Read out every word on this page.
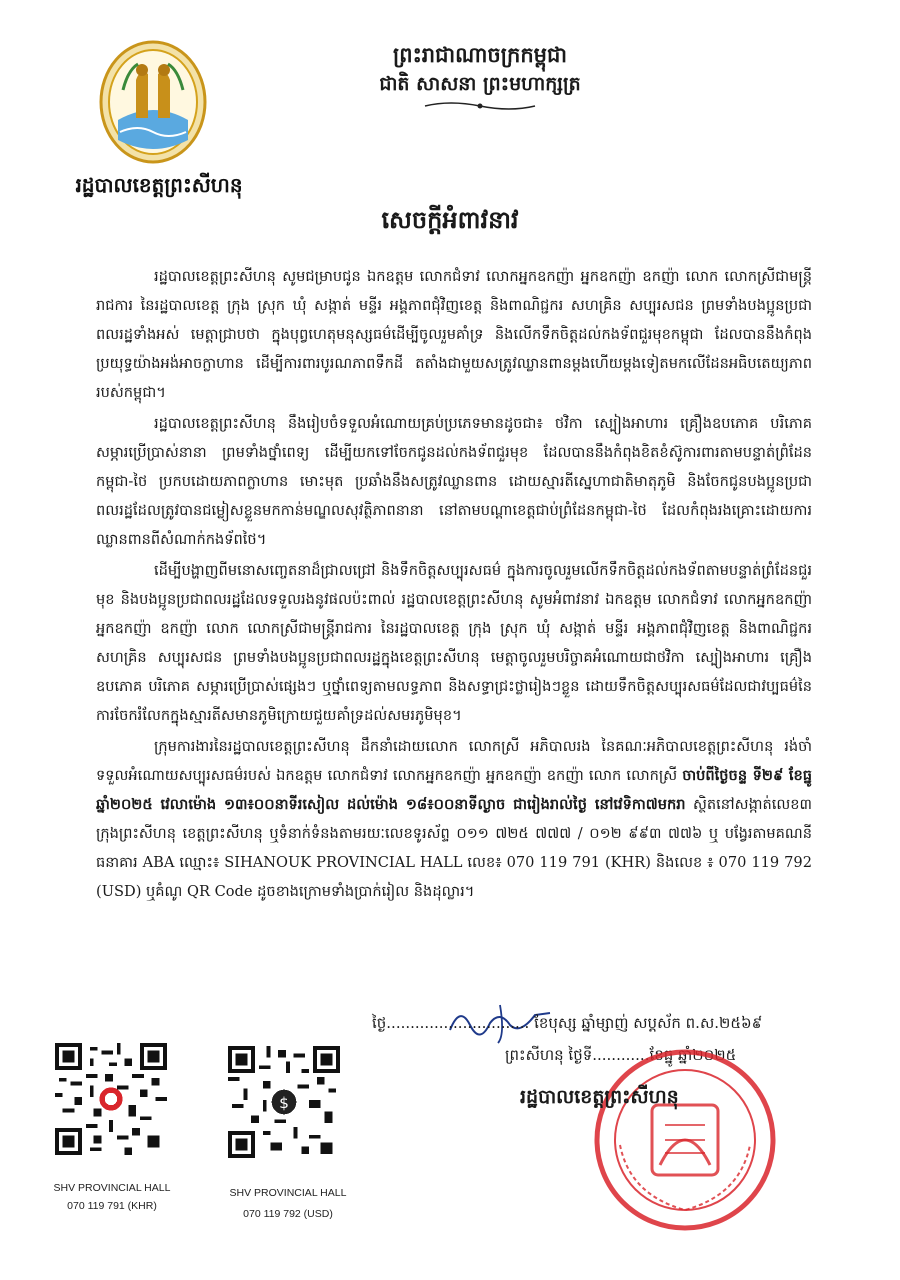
រដ្ឋបាលខេត្តព្រះសីហនុ
ព្រះរាជាណាចក្រកម្ពុជា
ជាតិ សាសនា ព្រះមហាក្សត្រ
សេចក្តីអំពាវនាវ

រដ្ឋបាលខេត្តព្រះសីហនុ សូមជម្រាបជូន ឯកឧត្តម លោកជំទាវ លោកអ្នកឧកញ៉ា អ្នកឧកញ៉ា ឧកញ៉ា លោក លោកស្រីជាមន្ត្រីរាជការ នៃរដ្ឋបាលខេត្ត ក្រុង ស្រុក ឃុំ សង្កាត់ មន្ទីរ អង្គភាពជុំវិញខេត្ត និងពាណិជ្ជករ សហគ្រិន សប្បុរសជន ព្រមទាំងបងប្អូនប្រជាពលរដ្ឋទាំងអស់ មេត្តាជ្រាបថា ក្នុងបុព្វហេតុមនុស្សធម៌ដើម្បីចូលរួមគាំទ្រ និងលើកទឹកចិត្តដល់កងទ័ពជួរមុខកម្ពុជា ដែលបាននឹងកំពុងប្រយុទ្ធយ៉ាងអង់អាចក្លាហាន ដើម្បីការពារបូរណភាពទឹកដី តតាំងជាមួយសត្រូវឈ្លានពានម្តងហើយម្តងទៀតមកលើដែនអធិបតេយ្យភាពរបស់កម្ពុជា។

រដ្ឋបាលខេត្តព្រះសីហនុ នឹងរៀបចំទទួលអំណោយគ្រប់ប្រភេទមានដូចជា៖ ថវិកា ស្បៀងអាហារ គ្រឿងឧបភោគ បរិភោគ សម្ភារប្រើប្រាស់នានា ព្រមទាំងថ្នាំពេទ្យ ដើម្បីយកទៅចែកជូនដល់កងទ័ពជួរមុខ ដែលបាននឹងកំពុងខិតខំស៊ូការពារតាមបន្ទាត់ព្រំដែនកម្ពុជា-ថៃ ប្រកបដោយភាពក្លាហាន មោះមុត ប្រឆាំងនឹងសត្រូវឈ្លានពាន ដោយស្មារតីស្នេហាជាតិមាតុភូមិ និងចែកជូនបងប្អូនប្រជាពលរដ្ឋដែលត្រូវបានជម្លៀសខ្លួនមកកាន់មណ្ឌលសុវត្ថិភាពនានា នៅតាមបណ្តាខេត្តជាប់ព្រំដែនកម្ពុជា-ថៃ ដែលកំពុងរងគ្រោះដោយការឈ្លានពានពីសំណាក់កងទ័ពថៃ។

ដើម្បីបង្ហាញពីមនោសញ្ចេតនាដ៏ជ្រាលជ្រៅ និងទឹកចិត្តសប្បុរសធម៌ ក្នុងការចូលរួមលើកទឹកចិត្តដល់កងទ័ពតាមបន្ទាត់ព្រំដែនជួរមុខ និងបងប្អូនប្រជាពលរដ្ឋដែលទទួលរងនូវផលប៉ះពាល់ រដ្ឋបាលខេត្តព្រះសីហនុ សូមអំពាវនាវ ឯកឧត្តម លោកជំទាវ លោកអ្នកឧកញ៉ា អ្នកឧកញ៉ា ឧកញ៉ា លោក លោកស្រីជាមន្ត្រីរាជការ នៃរដ្ឋបាលខេត្ត ក្រុង ស្រុក ឃុំ សង្កាត់ មន្ទីរ អង្គភាពជុំវិញខេត្ត និងពាណិជ្ជករ សហគ្រិន សប្បុរសជន ព្រមទាំងបងប្អូនប្រជាពលរដ្ឋក្នុងខេត្តព្រះសីហនុ មេត្តាចូលរួមបរិច្ចាគអំណោយជាថវិកា ស្បៀងអាហារ គ្រឿងឧបភោគ បរិភោគ សម្ភារប្រើប្រាស់ផ្សេងៗ ឬថ្នាំពេទ្យតាមលទ្ធភាព និងសទ្ធាជ្រះថ្លារៀងៗខ្លួន ដោយទឹកចិត្តសប្បុរសធម៌ដែលជាវប្បធម៌នៃការចែករំលែកក្នុងស្មារតីសមានភូមិក្រោយជួយគាំទ្រដល់សមរភូមិមុខ។

ក្រុមការងារនៃរដ្ឋបាលខេត្តព្រះសីហនុ ដឹកនាំដោយលោក លោកស្រី អភិបាលរង នៃគណៈអភិបាលខេត្តព្រះសីហនុ រង់ចាំទទួលអំណោយសប្បុរសធម៌របស់ ឯកឧត្តម លោកជំទាវ លោកអ្នកឧកញ៉ា អ្នកឧកញ៉ា ឧកញ៉ា លោក លោកស្រី ចាប់ពីថ្ងៃចន្ទ ទី២៩ ខែធ្នូ ឆ្នាំ២០២៥ វេលាម៉ោង ១៣៖០០នាទីរសៀល ដល់ម៉ោង ១៨៖០០នាទីល្ងាច ជារៀងរាល់ថ្ងៃ នៅវេទិកា៧មករា ស្ថិតនៅសង្កាត់លេខ៣ ក្រុងព្រះសីហនុ ខេត្តព្រះសីហនុ ឬទំនាក់ទំនងតាមរយៈលេខទូរស័ព្ទ ០១១ ៧២៥ ៧៧៧ / ០១២ ៩៩៣ ៧៧៦ ឬ បង្វែរតាមគណនីធនាគារ ABA ឈ្មោះ៖ SIHANOUK PROVINCIAL HALL លេខ៖ 070 119 791 (KHR) និងលេខ ៖ 070 119 792 (USD) ឬគំណូ QR Code ដូចខាងក្រោមទាំងប្រាក់រៀល និងដុល្លារ។

ថ្ងៃ.............................. ខែបុស្ស ឆ្នាំម្សាញ់ សប្តស័ក ព.ស.២៥៦៩
ព្រះសីហនុ ថ្ងៃទី............ខែធ្នូ ឆ្នាំ២០២៥
រដ្ឋបាលខេត្តព្រះសីហនុ
SHV PROVINCIAL HALL
070 119 791 (KHR)
$
SHV PROVINCIAL HALL
070 119 792 (USD)
